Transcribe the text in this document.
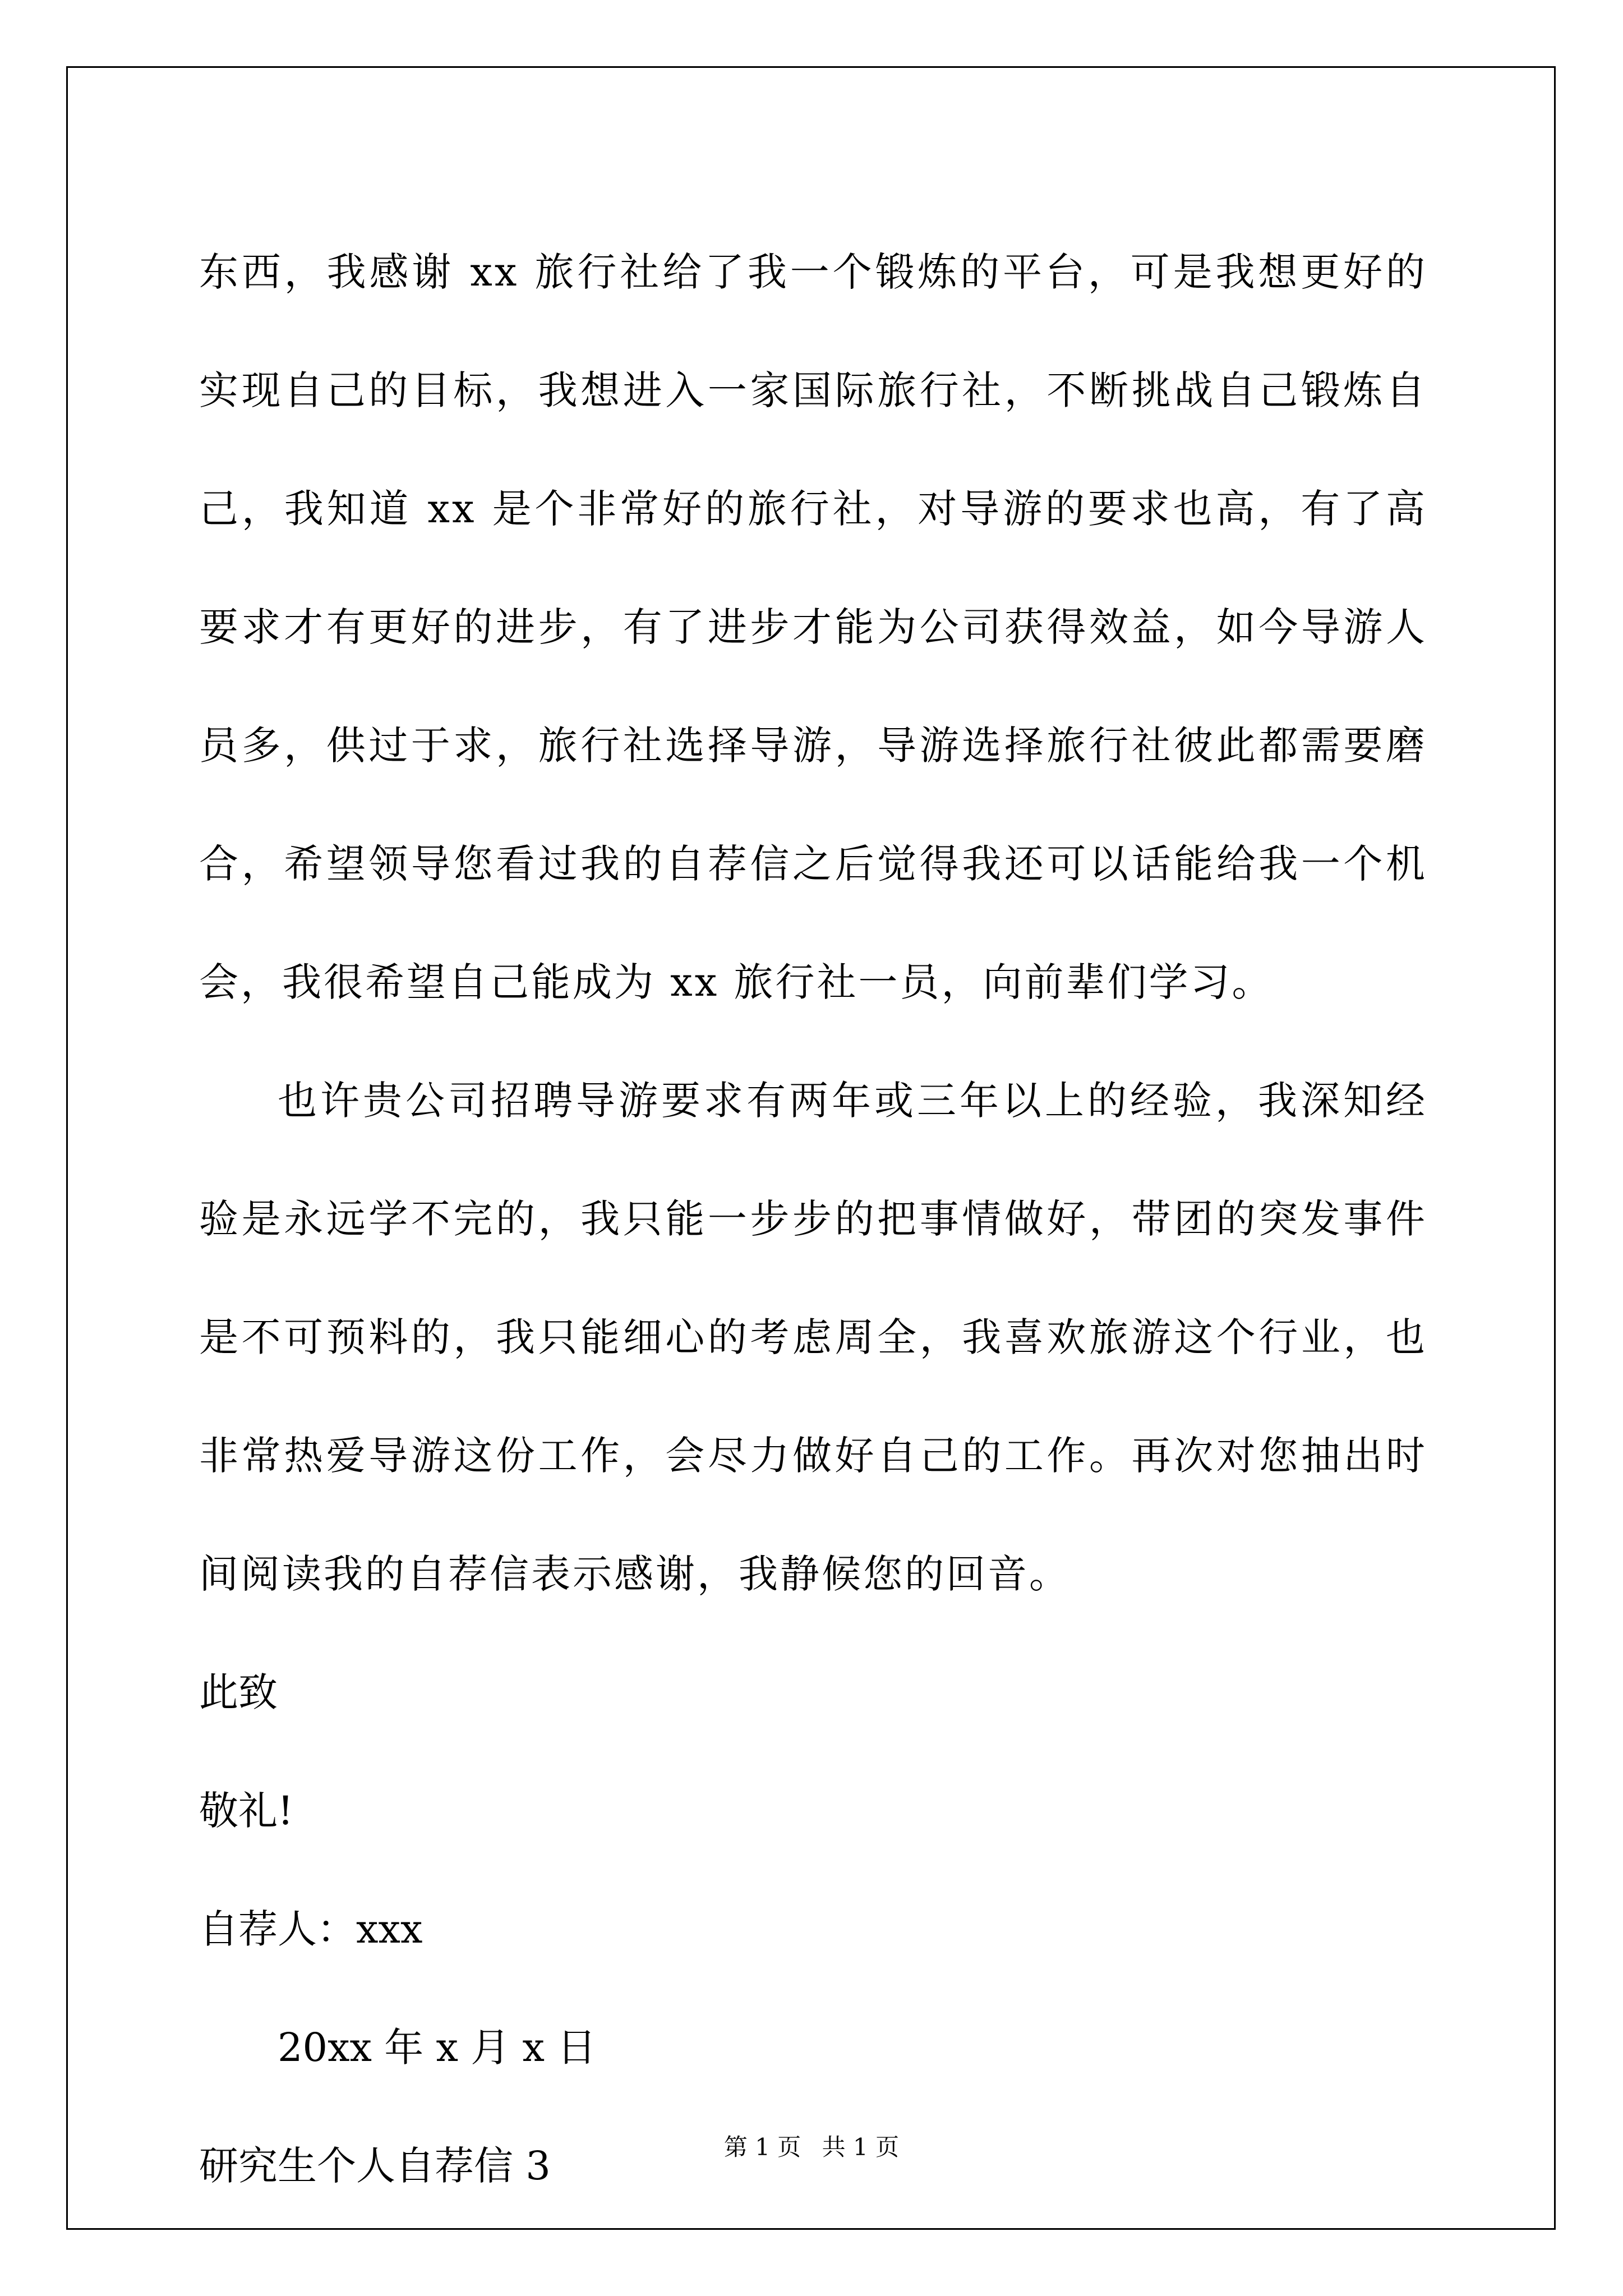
东西，我感谢 xx 旅行社给了我一个锻炼的平台，可是我想更好的实现自己的目标，我想进入一家国际旅行社，不断挑战自己锻炼自己，我知道 xx 是个非常好的旅行社，对导游的要求也高，有了高要求才有更好的进步，有了进步才能为公司获得效益，如今导游人员多，供过于求，旅行社选择导游，导游选择旅行社彼此都需要磨合，希望领导您看过我的自荐信之后觉得我还可以话能给我一个机会，我很希望自己能成为 xx 旅行社一员，向前辈们学习。

也许贵公司招聘导游要求有两年或三年以上的经验，我深知经验是永远学不完的，我只能一步步的把事情做好，带团的突发事件是不可预料的，我只能细心的考虑周全，我喜欢旅游这个行业，也非常热爱导游这份工作，会尽力做好自己的工作。再次对您抽出时间阅读我的自荐信表示感谢，我静候您的回音。

此致

敬礼!

自荐人：xxx

20xx 年 x 月 x 日

研究生个人自荐信 3	第 1 页 共 1 页
